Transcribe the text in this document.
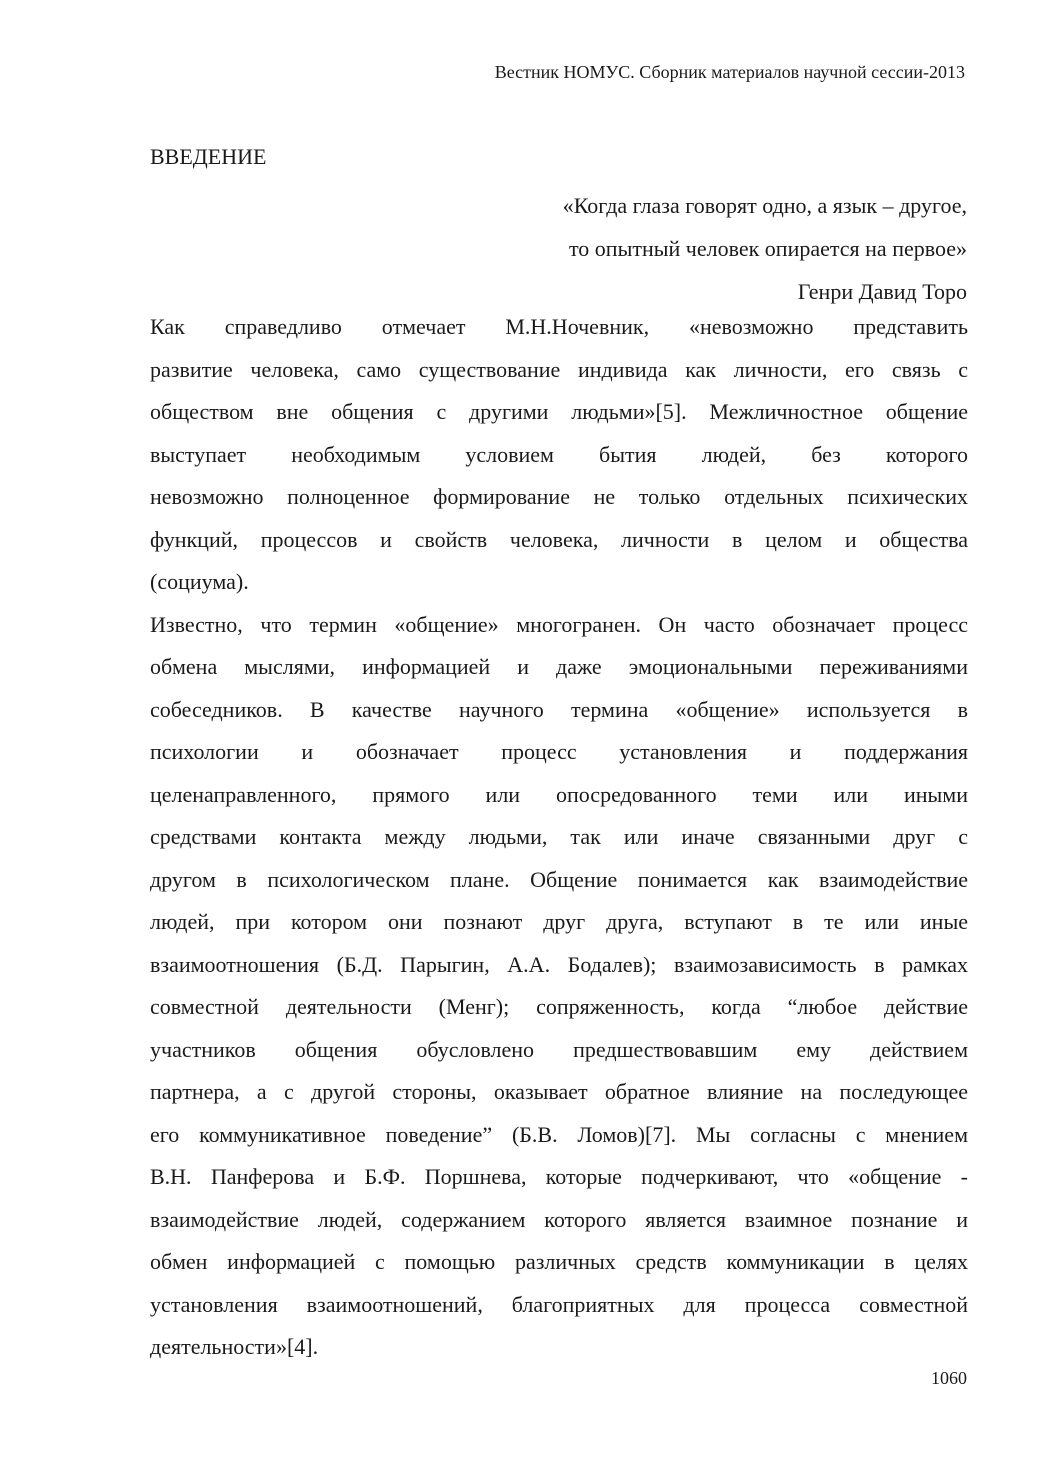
Вестник НОМУС. Сборник материалов научной сессии-2013
ВВЕДЕНИЕ
«Когда глаза говорят одно, а язык – другое,
то опытный человек опирается на первое»
Генри Давид Торо
Как справедливо отмечает М.Н.Ночевник, «невозможно представить
развитие человека, само существование индивида как личности, его связь с
обществом вне общения с другими людьми»[5]. Межличностное общение
выступает необходимым условием бытия людей, без которого
невозможно полноценное формирование не только отдельных психических
функций, процессов и свойств человека, личности в целом и общества
(социума).
Известно, что термин «общение» многогранен. Он часто обозначает процесс
обмена мыслями, информацией и даже эмоциональными переживаниями
собеседников. В качестве научного термина «общение» используется в
психологии и обозначает процесс установления и поддержания
целенаправленного, прямого или опосредованного теми или иными
средствами контакта между людьми, так или иначе связанными друг с
другом в психологическом плане. Общение понимается как взаимодействие
людей, при котором они познают друг друга, вступают в те или иные
взаимоотношения (Б.Д. Парыгин, А.А. Бодалев); взаимозависимость в рамках
совместной деятельности (Менг); сопряженность, когда “любое действие
участников общения обусловлено предшествовавшим ему действием
партнера, а с другой стороны, оказывает обратное влияние на последующее
его коммуникативное поведение” (Б.В. Ломов)[7]. Мы согласны с мнением
В.Н. Панферова и Б.Ф. Поршнева, которые подчеркивают, что «общение -
взаимодействие людей, содержанием которого является взаимное познание и
обмен информацией с помощью различных средств коммуникации в целях
установления взаимоотношений, благоприятных для процесса совместной
деятельности»[4].
1060
